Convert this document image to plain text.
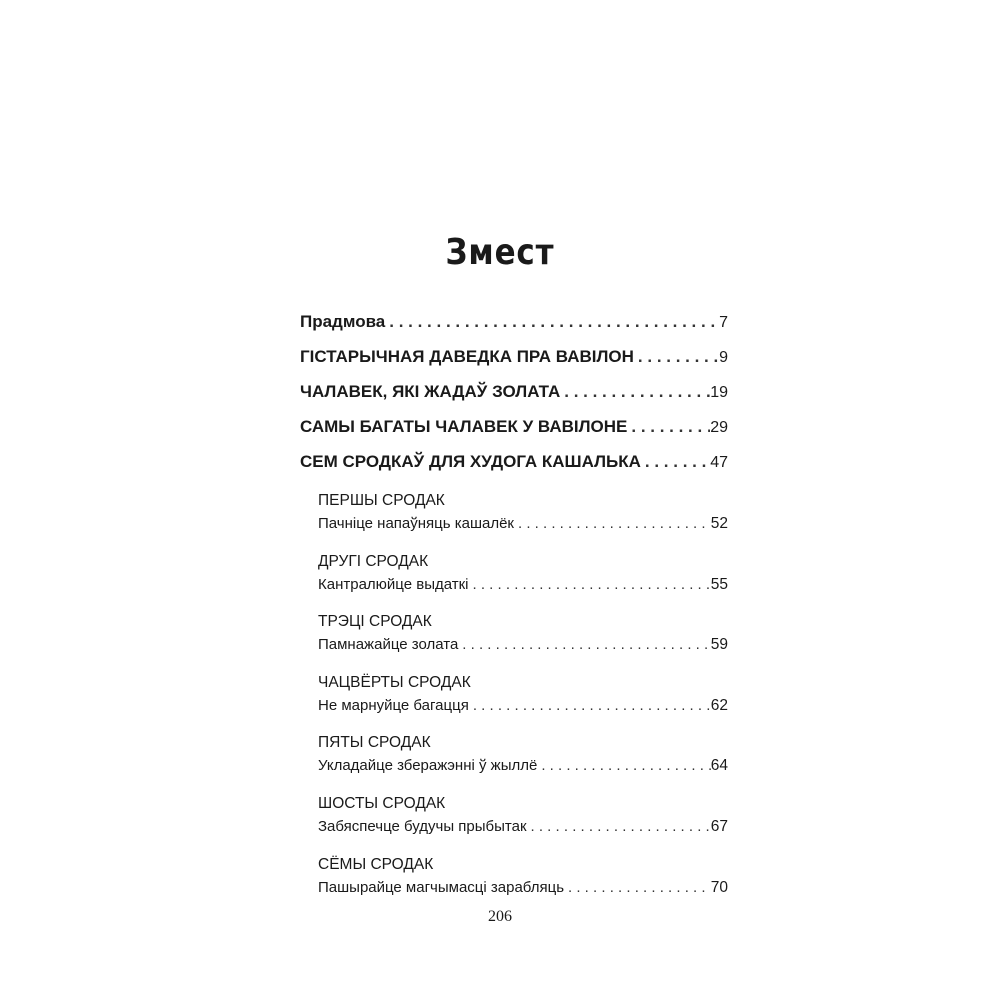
Змест
Прадмова . . .	7
ГІСТАРЫЧНАЯ ДАВЕДКА ПРА ВАВІЛОН . . .	9
ЧАЛАВЕК, ЯКІ ЖАДАЎ ЗОЛАТА . . .	19
САМЫ БАГАТЫ ЧАЛАВЕК У ВАВІЛОНЕ . . .	29
СЕМ СРОДКАЎ ДЛЯ ХУДОГА КАШАЛЬКА . . .	47
ПЕРШЫ СРОДАК
Пачніце напаўняць кашалёк . . .	52
ДРУГІ СРОДАК
Кантралюйце выдаткі . . .	55
ТРЭЦІ СРОДАК
Памнажайце золата . . .	59
ЧАЦВЁРТЫ СРОДАК
Не марнуйце багацця . . .	62
ПЯТЫ СРОДАК
Укладайце зберажэнні ў жыллё . . .	64
ШОСТЫ СРОДАК
Забяспечце будучы прыбытак . . .	67
СЁМЫ СРОДАК
Пашырайце магчымасці зарабляць . . .	70

206
